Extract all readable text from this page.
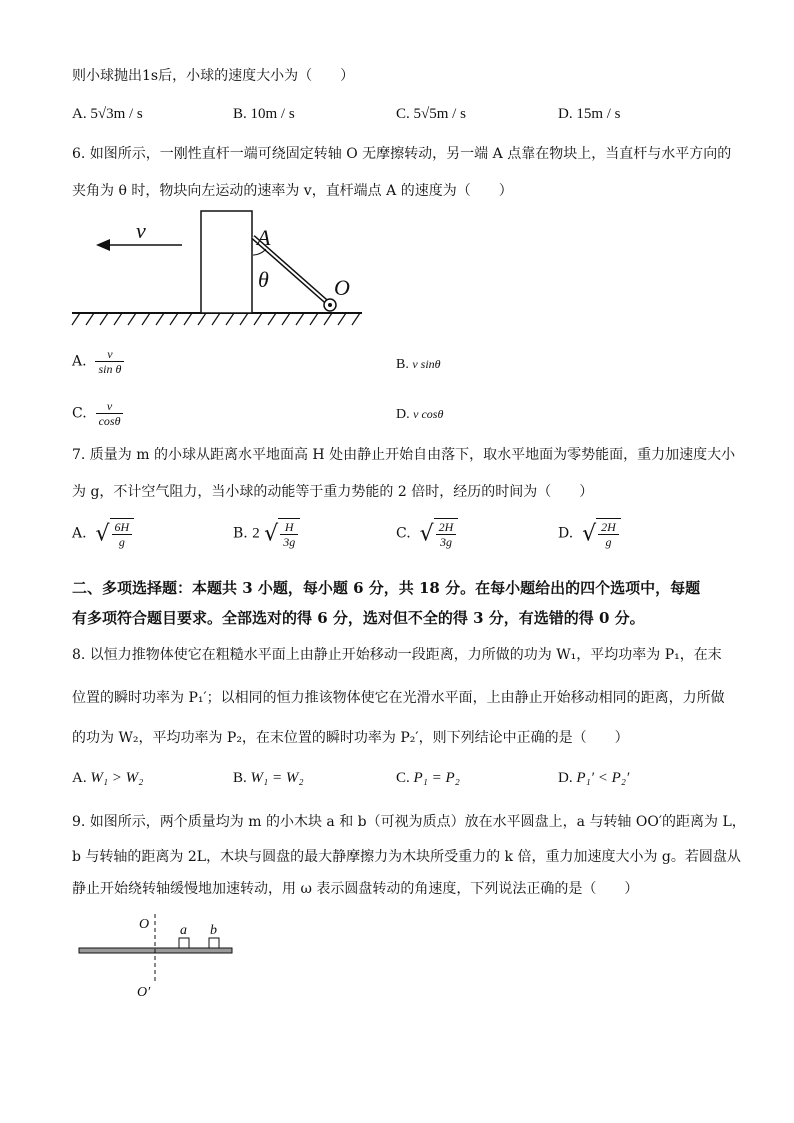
则小球抛出1s后，小球的速度大小为（　　）
A. 5√3m / s	B. 10m / s	C. 5√5m / s	D. 15m / s
6. 如图所示，一刚性直杆一端可绕固定转轴 O 无摩擦转动，另一端 A 点靠在物块上，当直杆与水平方向的
夹角为 θ 时，物块向左运动的速率为 v，直杆端点 A 的速度为（　　）
v	A
θ	O
A. $\frac{v}{\text{sin θ}}$	B. v sinθ
C. $\frac{v}{\cos\theta}$	D. v cosθ
7. 质量为 m 的小球从距离水平地面高 H 处由静止开始自由落下，取水平地面为零势能面，重力加速度大小
为 g，不计空气阻力，当小球的动能等于重力势能的 2 倍时，经历的时间为（　　）
A. √ $\frac{6H}{g}$	B. 2 √ $\frac{H}{3g}$	C. √ $\frac{2H}{3g}$	D. √ $\frac{2H}{g}$
二、多项选择题：本题共 3 小题，每小题 6 分，共 18 分。在每小题给出的四个选项中，每题
有多项符合题目要求。全部选对的得 6 分，选对但不全的得 3 分，有选错的得 0 分。
8. 以恒力推物体使它在粗糙水平面上由静止开始移动一段距离，力所做的功为 W₁，平均功率为 P₁，在末
位置的瞬时功率为 P₁′；以相同的恒力推该物体使它在光滑水平面，上由静止开始移动相同的距离，力所做
的功为 W₂，平均功率为 P₂，在末位置的瞬时功率为 P₂′，则下列结论中正确的是（　　）
A. W₁ > W₂	B. W₁ = W₂	C. P₁ = P₂	D. P₁′ < P₂′
9. 如图所示，两个质量均为 m 的小木块 a 和 b（可视为质点）放在水平圆盘上，a 与转轴 OO′的距离为 L，
b 与转轴的距离为 2L，木块与圆盘的最大静摩擦力为木块所受重力的 k 倍，重力加速度大小为 g。若圆盘从
静止开始绕转轴缓慢地加速转动，用 ω 表示圆盘转动的角速度，下列说法正确的是（　　）
O
O′
a b
